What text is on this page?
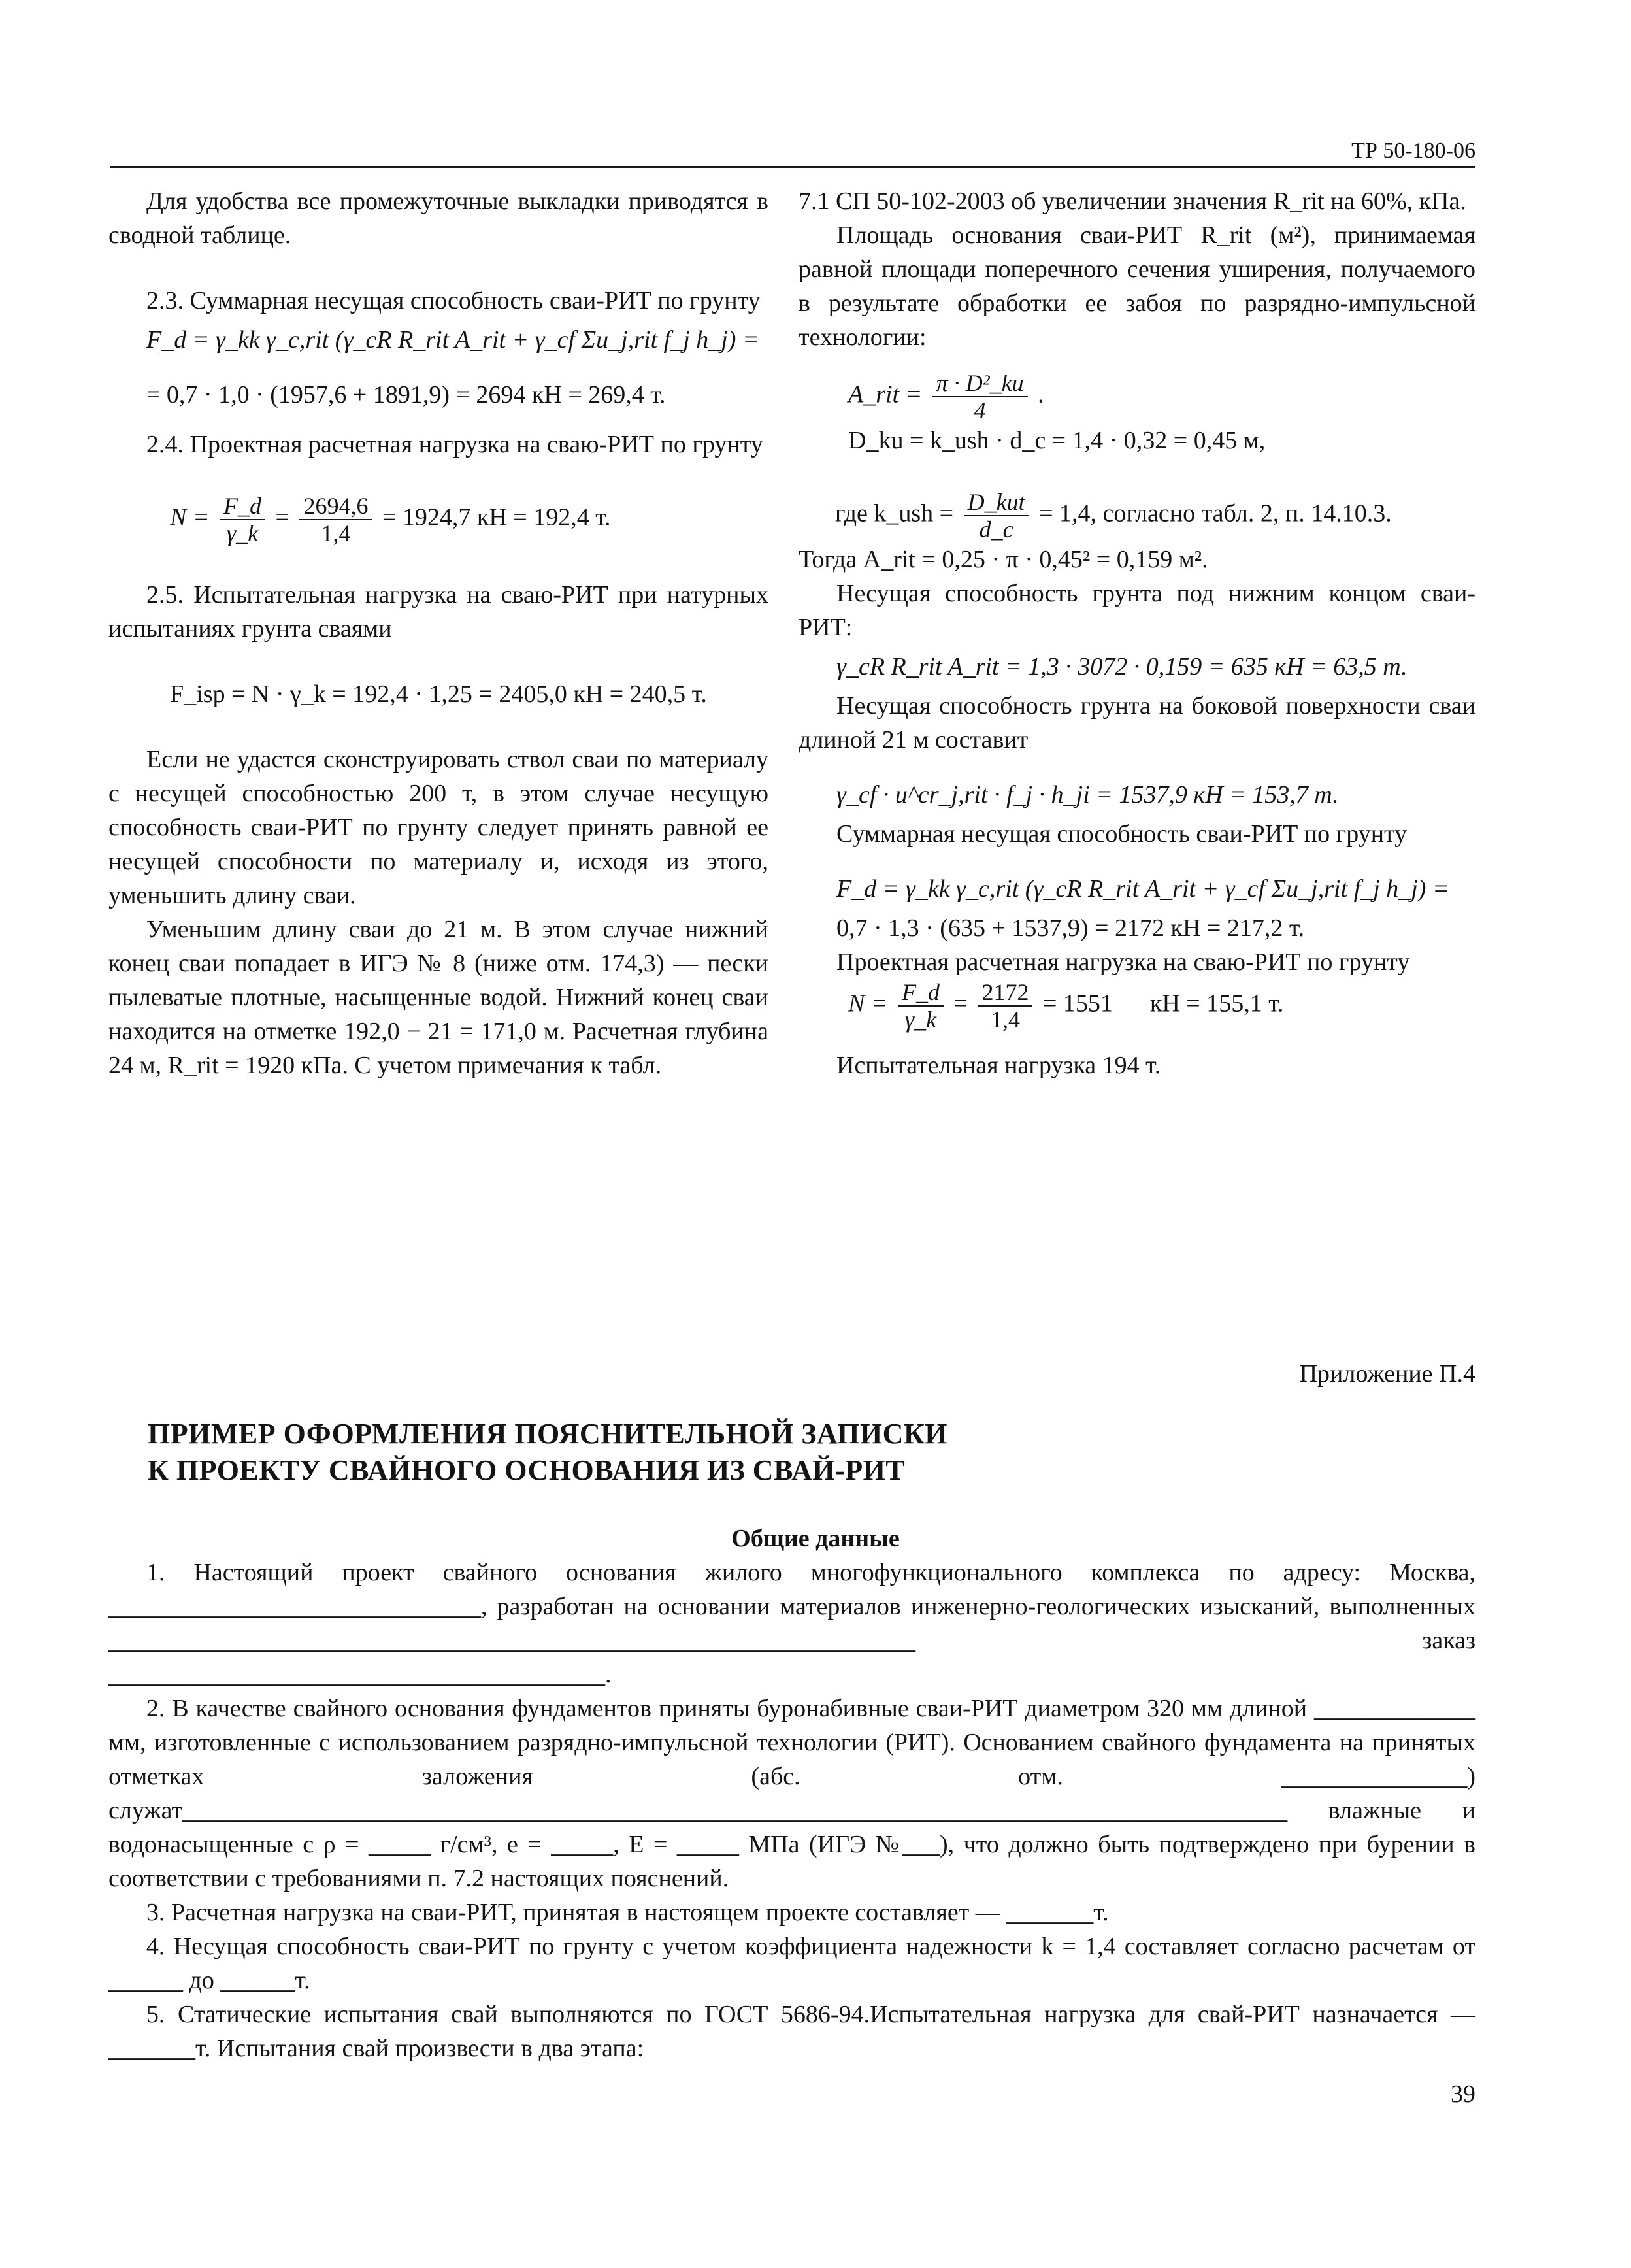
ТР 50-180-06

Для удобства все промежуточные выкладки приводятся в сводной таблице.

2.3. Суммарная несущая способность сваи-РИТ по грунту

F_d = γ_kk γ_c,rit (γ_cR R_rit A_rit + γ_cf Σu_j,rit f_j h_j) =
= 0,7 · 1,0 · (1957,6 + 1891,9) = 2694 кН = 269,4 т.

2.4. Проектная расчетная нагрузка на сваю-РИТ по грунту

$N = \frac{F\_d}{\gamma\_k} = \frac{2694,6}{1,4} = 1924,7$ кН = 192,4 т.

2.5. Испытательная нагрузка на сваю-РИТ при натурных испытаниях грунта сваями

F_isp = N · γ_k = 192,4 · 1,25 = 2405,0 кН = 240,5 т.

Если не удастся сконструировать ствол сваи по материалу с несущей способностью 200 т, в этом случае несущую способность сваи-РИТ по грунту следует принять равной ее несущей способности по материалу и, исходя из этого, уменьшить длину сваи.

Уменьшим длину сваи до 21 м. В этом случае нижний конец сваи попадает в ИГЭ № 8 (ниже отм. 174,3) — пески пылеватые плотные, насыщенные водой. Нижний конец сваи находится на отметке 192,0 − 21 = 171,0 м. Расчетная глубина 24 м, R_rit = 1920 кПа. С учетом примечания к табл.

7.1 СП 50-102-2003 об увеличении значения R_rit на 60%, кПа.

Площадь основания сваи-РИТ R_rit (м²), принимаемая равной площади поперечного сечения уширения, получаемого в результате обработки ее забоя по разрядно-импульсной технологии:

A_rit = $\frac{\text{π · D²\_ku}}{4}$ .
D_ku = k_ush · d_c = 1,4 · 0,32 = 0,45 м,
где k_ush = $\frac{\text{D\_kut}}{d\_c} = 1,4$, согласно табл. 2, п. 14.10.3.

Тогда A_rit = 0,25 · π · 0,45² = 0,159 м².

Несущая способность грунта под нижним концом сваи-РИТ:

γ_cR R_rit A_rit = 1,3 · 3072 · 0,159 = 635 кН = 63,5 т.

Несущая способность грунта на боковой поверхности сваи длиной 21 м составит

γ_cf · u^cr_j,rit · f_j · h_ji = 1537,9 кН = 153,7 т.

Суммарная несущая способность сваи-РИТ по грунту

F_d = γ_kk γ_c,rit (γ_cR R_rit A_rit + γ_cf Σu_j,rit f_j h_j) =
0,7 · 1,3 · (635 + 1537,9) = 2172 кН = 217,2 т.

Проектная расчетная нагрузка на сваю-РИТ по грунту

$N = \frac{F\_d}{\gamma\_k} = \frac{2172}{1,4} = 1551$      кН = 155,1 т.

Испытательная нагрузка 194 т.

Приложение П.4
ПРИМЕР ОФОРМЛЕНИЯ ПОЯСНИТЕЛЬНОЙ ЗАПИСКИ
К ПРОЕКТУ СВАЙНОГО ОСНОВАНИЯ ИЗ СВАЙ-РИТ
Общие данные

1. Настоящий проект свайного основания жилого многофункционального комплекса по адресу: Москва, ______________________________, разработан на основании материалов инженерно-геологических изысканий, выполненных _________________________________________________________________ заказ ________________________________________.

2. В качестве свайного основания фундаментов приняты буронабивные сваи-РИТ диаметром 320 мм длиной _____________ мм, изготовленные с использованием разрядно-импульсной технологии (РИТ). Основанием свайного фундамента на принятых отметках заложения (абс. отм. _______________) служат_________________________________________________________________________________________ влажные и водонасыщенные с ρ = _____ г/см³, e = _____, E = _____ МПа (ИГЭ №___), что должно быть подтверждено при бурении в соответствии с требованиями п. 7.2 настоящих пояснений.

3. Расчетная нагрузка на сваи-РИТ, принятая в настоящем проекте составляет — _______т.

4. Несущая способность сваи-РИТ по грунту с учетом коэффициента надежности k = 1,4 составляет согласно расчетам от ______ до ______т.

5. Статические испытания свай выполняются по ГОСТ 5686-94.Испытательная нагрузка для свай-РИТ назначается — _______т. Испытания свай произвести в два этапа:

39
